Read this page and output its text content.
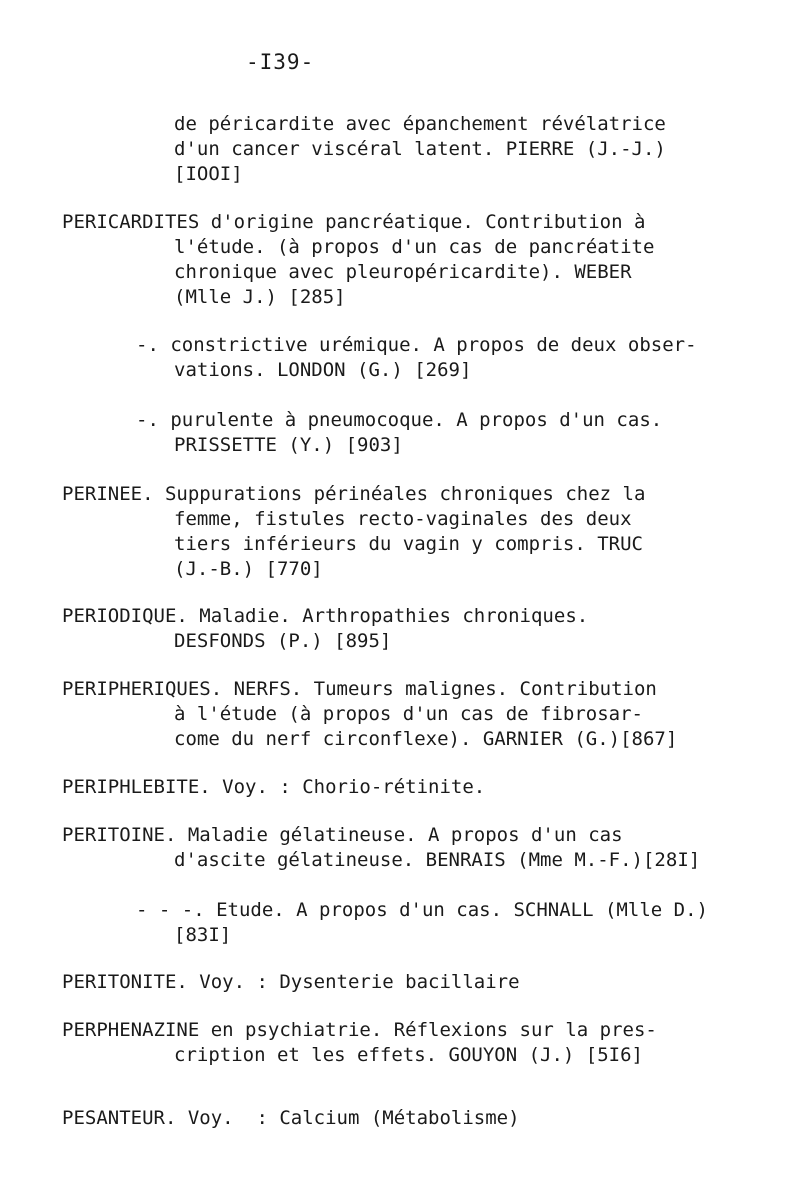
-I39-
de péricardite avec épanchement révélatrice
d'un cancer viscéral latent. PIERRE (J.-J.)
[IOOI]
PERICARDITES d'origine pancréatique. Contribution à
l'étude. (à propos d'un cas de pancréatite
chronique avec pleuropéricardite). WEBER
(Mlle J.) [285]
-. constrictive urémique. A propos de deux obser-
vations. LONDON (G.) [269]
-. purulente à pneumocoque. A propos d'un cas.
PRISSETTE (Y.) [903]
PERINEE. Suppurations périnéales chroniques chez la
femme, fistules recto-vaginales des deux
tiers inférieurs du vagin y compris. TRUC
(J.-B.) [770]
PERIODIQUE. Maladie. Arthropathies chroniques.
DESFONDS (P.) [895]
PERIPHERIQUES. NERFS. Tumeurs malignes. Contribution
à l'étude (à propos d'un cas de fibrosar-
come du nerf circonflexe). GARNIER (G.)[867]
PERIPHLEBITE. Voy. : Chorio-rétinite.
PERITOINE. Maladie gélatineuse. A propos d'un cas
d'ascite gélatineuse. BENRAIS (Mme M.-F.)[28I]
- - -. Etude. A propos d'un cas. SCHNALL (Mlle D.)
[83I]
PERITONITE. Voy. : Dysenterie bacillaire
PERPHENAZINE en psychiatrie. Réflexions sur la pres-
cription et les effets. GOUYON (J.) [5I6]
PESANTEUR. Voy.  : Calcium (Métabolisme)
